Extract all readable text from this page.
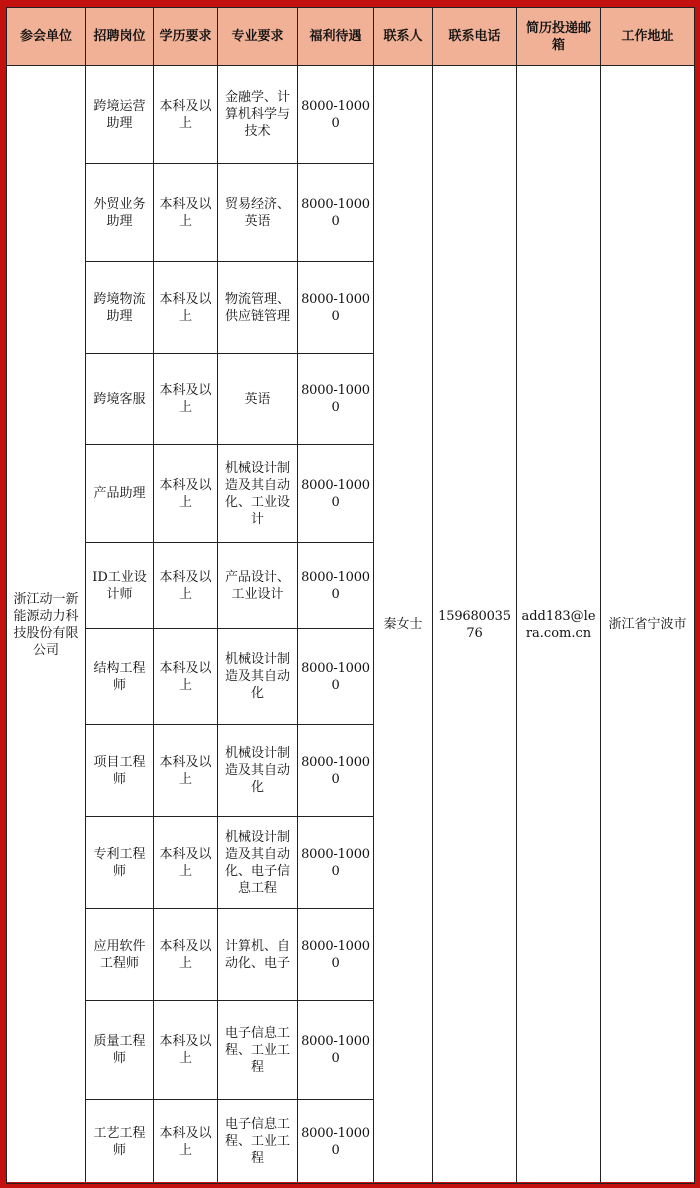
参会单位	招聘岗位	学历要求	专业要求	福利待遇	联系人	联系电话	简历投递邮箱	工作地址
浙江动一新能源动力科技股份有限公司	跨境运营助理	本科及以上	金融学、计算机科学与技术	8000-10000	秦女士	15968003576	add183@lera.com.cn	浙江省宁波市
	外贸业务助理	本科及以上	贸易经济、英语	8000-10000				
	跨境物流助理	本科及以上	物流管理、供应链管理	8000-10000				
	跨境客服	本科及以上	英语	8000-10000				
	产品助理	本科及以上	机械设计制造及其自动化、工业设计	8000-10000				
	ID工业设计师	本科及以上	产品设计、工业设计	8000-10000				
	结构工程师	本科及以上	机械设计制造及其自动化	8000-10000				
	项目工程师	本科及以上	机械设计制造及其自动化	8000-10000				
	专利工程师	本科及以上	机械设计制造及其自动化、电子信息工程	8000-10000				
	应用软件工程师	本科及以上	计算机、自动化、电子	8000-10000				
	质量工程师	本科及以上	电子信息工程、工业工程	8000-10000				
	工艺工程师	本科及以上	电子信息工程、工业工程	8000-10000				
